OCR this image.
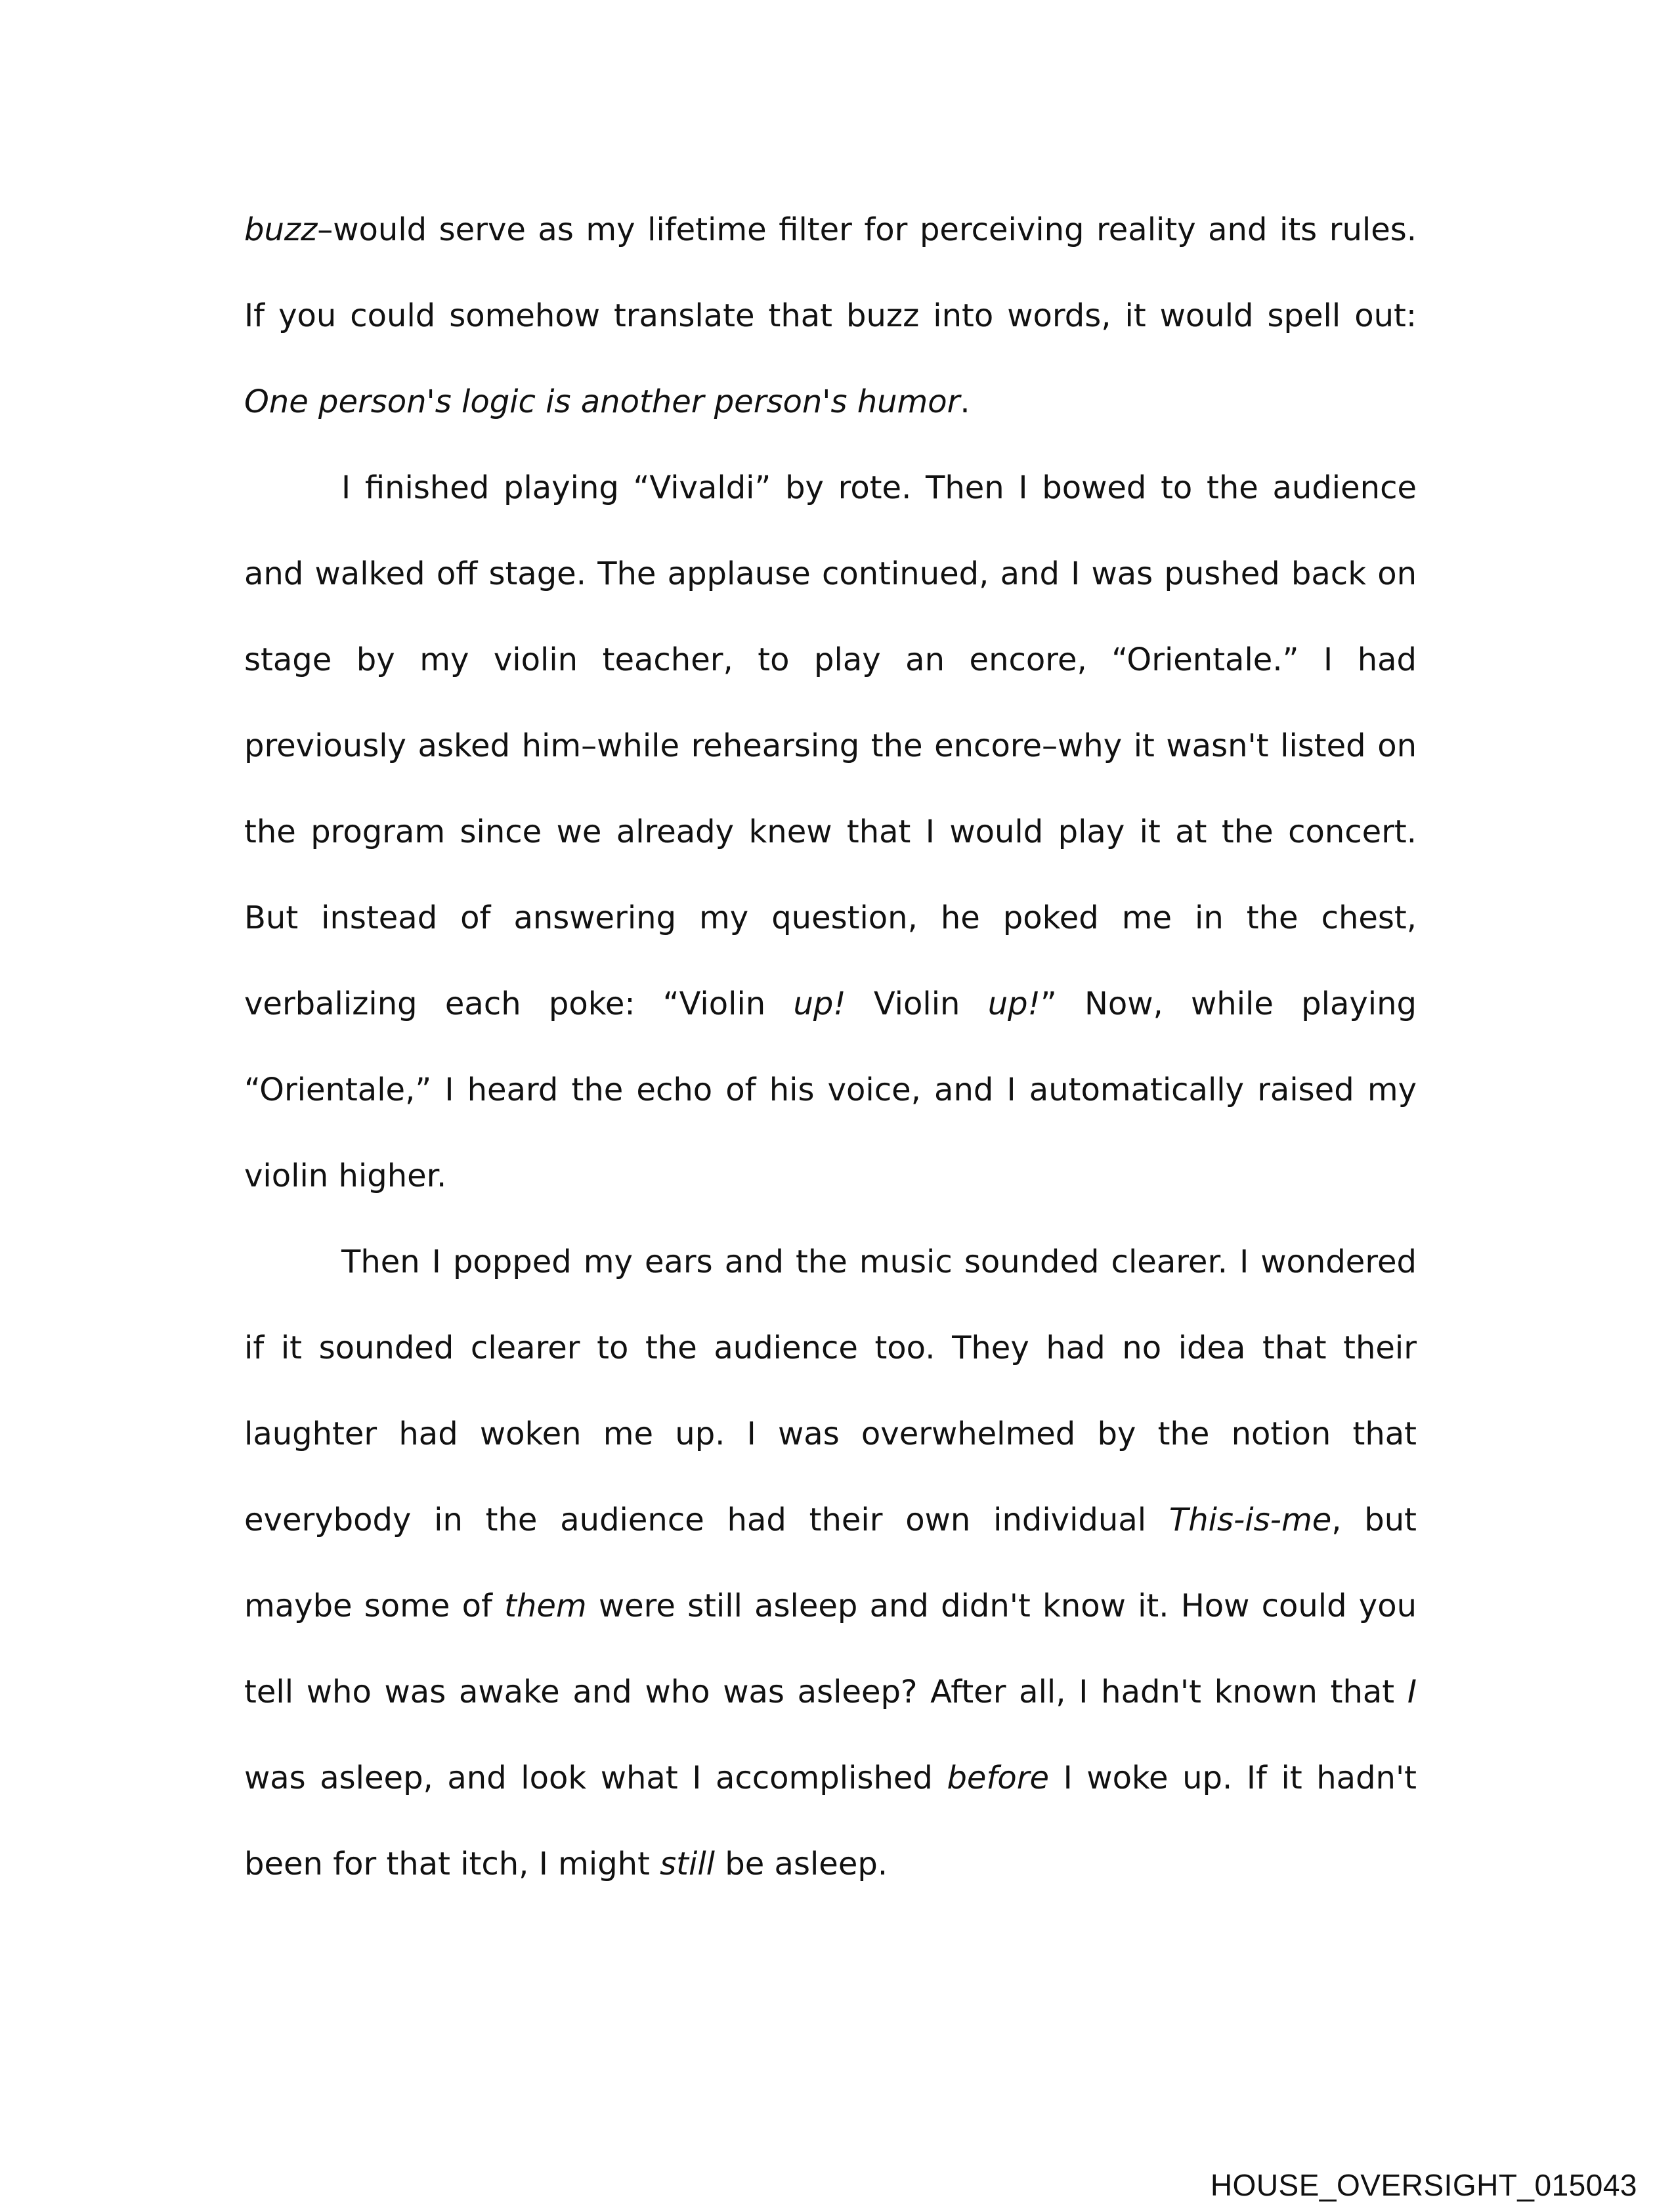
buzz–would serve as my lifetime filter for perceiving reality and its rules. If you could somehow translate that buzz into words, it would spell out: One person's logic is another person's humor.

I finished playing “Vivaldi” by rote. Then I bowed to the audience and walked off stage. The applause continued, and I was pushed back on stage by my violin teacher, to play an encore, “Orientale.” I had previously asked him–while rehearsing the encore–why it wasn't listed on the program since we already knew that I would play it at the concert. But instead of answering my question, he poked me in the chest, verbalizing each poke: “Violin up! Violin up!” Now, while playing “Orientale,” I heard the echo of his voice, and I automatically raised my violin higher.

Then I popped my ears and the music sounded clearer. I wondered if it sounded clearer to the audience too. They had no idea that their laughter had woken me up. I was overwhelmed by the notion that everybody in the audience had their own individual This-is-me, but maybe some of them were still asleep and didn't know it. How could you tell who was awake and who was asleep? After all, I hadn't known that I was asleep, and look what I accomplished before I woke up. If it hadn't been for that itch, I might still be asleep.

HOUSE_OVERSIGHT_015043
